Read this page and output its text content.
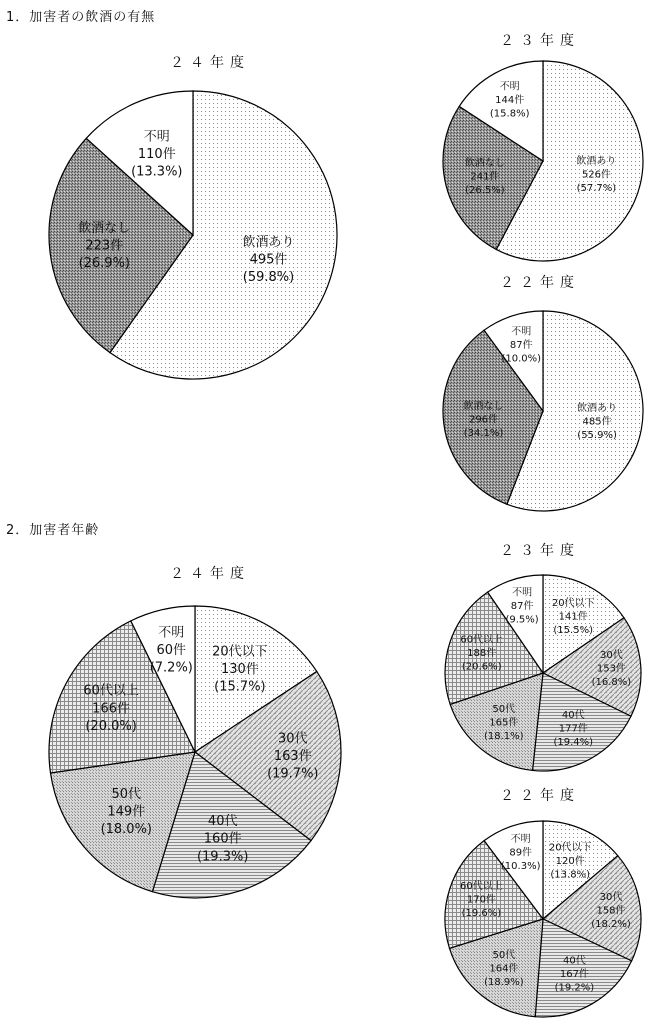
1．加害者の飲酒の有無
2．加害者年齢
２４年度
２３年度
２２年度
２４年度
２３年度
２２年度
飲酒あり
495件
(59.8%)
飲酒なし
223件
(26.9%)
不明
110件
(13.3%)
飲酒あり
526件
(57.7%)
飲酒なし
241件
(26.5%)
不明
144件
(15.8%)
飲酒あり
485件
(55.9%)
飲酒なし
296件
(34.1%)
不明
87件
(10.0%)
20代以下
130件
(15.7%)
30代
163件
(19.7%)
40代
160件
(19.3%)
50代
149件
(18.0%)
60代以上
166件
(20.0%)
不明
60件
(7.2%)
20代以下
141件
(15.5%)
30代
153件
(16.8%)
40代
177件
(19.4%)
50代
165件
(18.1%)
60代以上
188件
(20.6%)
不明
87件
(9.5%)
20代以下
120件
(13.8%)
30代
158件
(18.2%)
40代
167件
(19.2%)
50代
164件
(18.9%)
60代以上
170件
(19.6%)
不明
89件
(10.3%)
